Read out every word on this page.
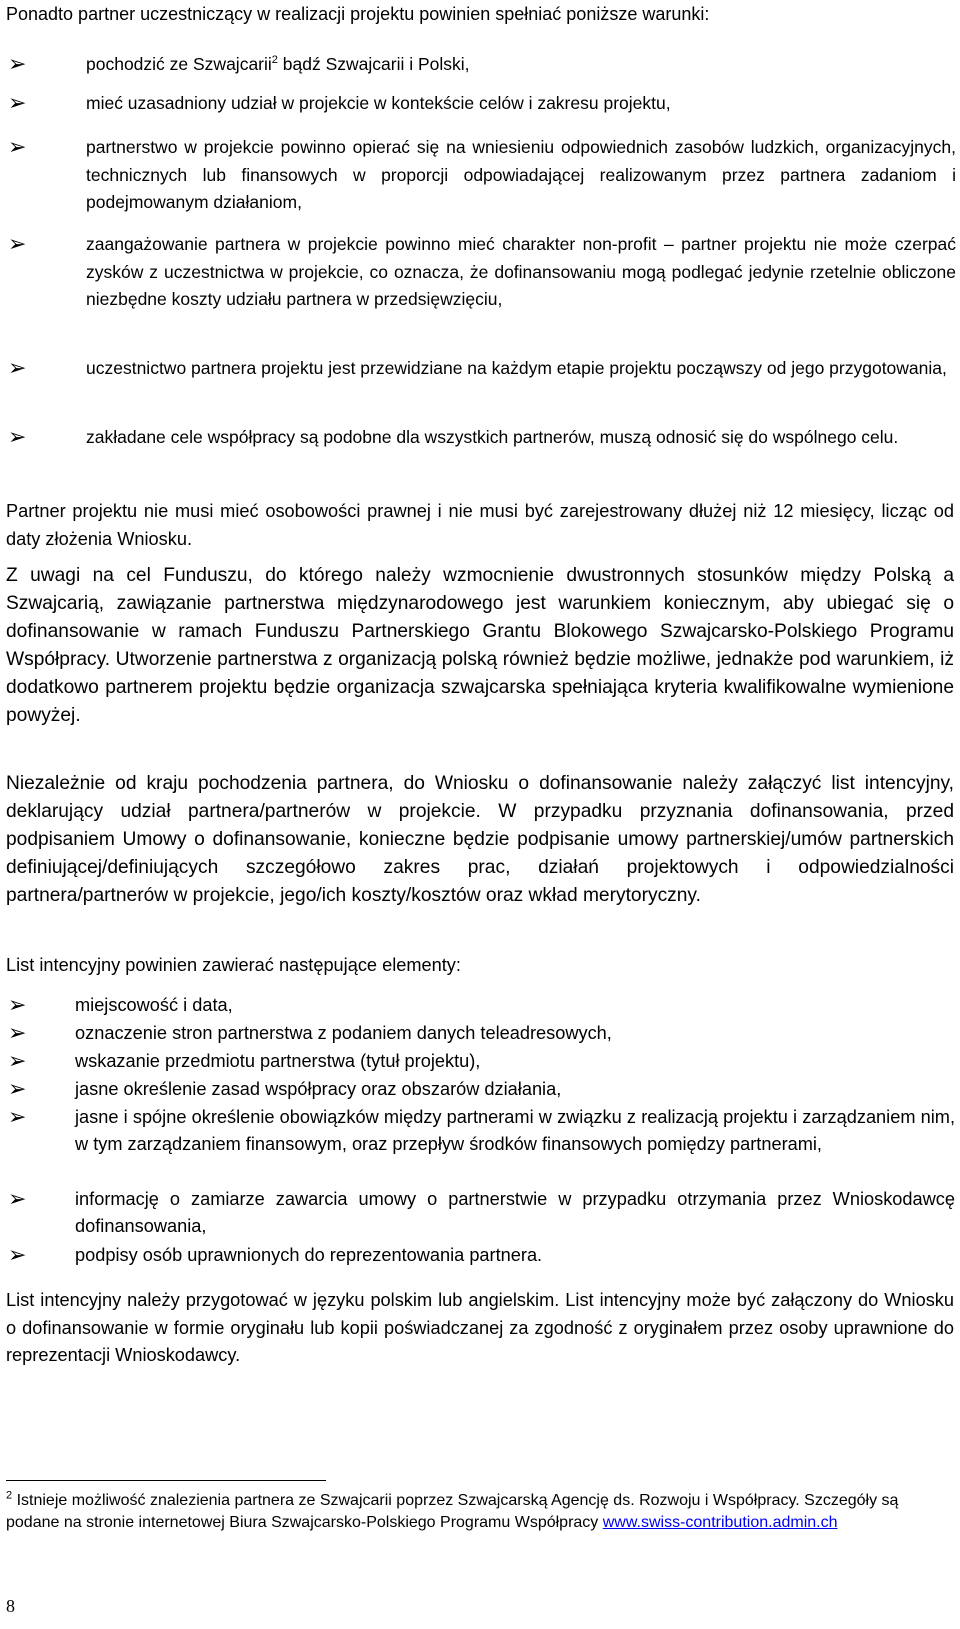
Ponadto partner uczestniczący w realizacji projektu powinien spełniać poniższe warunki:

➢	pochodzić ze Szwajcarii$^2$ bądź Szwajcarii i Polski,

➢	mieć uzasadniony udział w projekcie w kontekście celów i zakresu projektu,

➢	partnerstwo w projekcie powinno opierać się na wniesieniu odpowiednich zasobów ludzkich, organizacyjnych, technicznych lub finansowych w proporcji odpowiadającej realizowanym przez partnera zadaniom i podejmowanym działaniom,

➢	zaangażowanie partnera w projekcie powinno mieć charakter non-profit – partner projektu nie może czerpać zysków z uczestnictwa w projekcie, co oznacza, że dofinansowaniu mogą podlegać jedynie rzetelnie obliczone niezbędne koszty udziału partnera w przedsięwzięciu,

➢	uczestnictwo partnera projektu jest przewidziane na każdym etapie projektu począwszy od jego przygotowania,

➢	zakładane cele współpracy są podobne dla wszystkich partnerów, muszą odnosić się do wspólnego celu.

Partner projektu nie musi mieć osobowości prawnej i nie musi być zarejestrowany dłużej niż 12 miesięcy, licząc od daty złożenia Wniosku.

Z uwagi na cel Funduszu, do którego należy wzmocnienie dwustronnych stosunków między Polską a Szwajcarią, zawiązanie partnerstwa międzynarodowego jest warunkiem koniecznym, aby ubiegać się o dofinansowanie w ramach Funduszu Partnerskiego Grantu Blokowego Szwajcarsko-Polskiego Programu Współpracy. Utworzenie partnerstwa z organizacją polską również będzie możliwe, jednakże pod warunkiem, iż dodatkowo partnerem projektu będzie organizacja szwajcarska spełniająca kryteria kwalifikowalne wymienione powyżej.

Niezależnie od kraju pochodzenia partnera, do Wniosku o dofinansowanie należy załączyć list intencyjny, deklarujący udział partnera/partnerów w projekcie. W przypadku przyznania dofinansowania, przed podpisaniem Umowy o dofinansowanie, konieczne będzie podpisanie umowy partnerskiej/umów partnerskich definiującej/definiujących szczegółowo zakres prac, działań projektowych i odpowiedzialności partnera/partnerów w projekcie, jego/ich koszty/kosztów oraz wkład merytoryczny.

List intencyjny powinien zawierać następujące elementy:

➢	miejscowość i data,

➢	oznaczenie stron partnerstwa z podaniem danych teleadresowych,

➢	wskazanie przedmiotu partnerstwa (tytuł projektu),

➢	jasne określenie zasad współpracy oraz obszarów działania,

➢	jasne i spójne określenie obowiązków między partnerami w związku z realizacją projektu i zarządzaniem nim, w tym zarządzaniem finansowym, oraz przepływ środków finansowych pomiędzy partnerami,

➢	informację o zamiarze zawarcia umowy o partnerstwie w przypadku otrzymania przez Wnioskodawcę dofinansowania,

➢	podpisy osób uprawnionych do reprezentowania partnera.

List intencyjny należy przygotować w języku polskim lub angielskim. List intencyjny może być załączony do Wniosku o dofinansowanie w formie oryginału lub kopii poświadczanej za zgodność z oryginałem przez osoby uprawnione do reprezentacji Wnioskodawcy.

$^2$ Istnieje możliwość znalezienia partnera ze Szwajcarii poprzez Szwajcarską Agencję ds. Rozwoju i Współpracy. Szczegóły są podane na stronie internetowej Biura Szwajcarsko-Polskiego Programu Współpracy www.swiss-contribution.admin.ch
8
